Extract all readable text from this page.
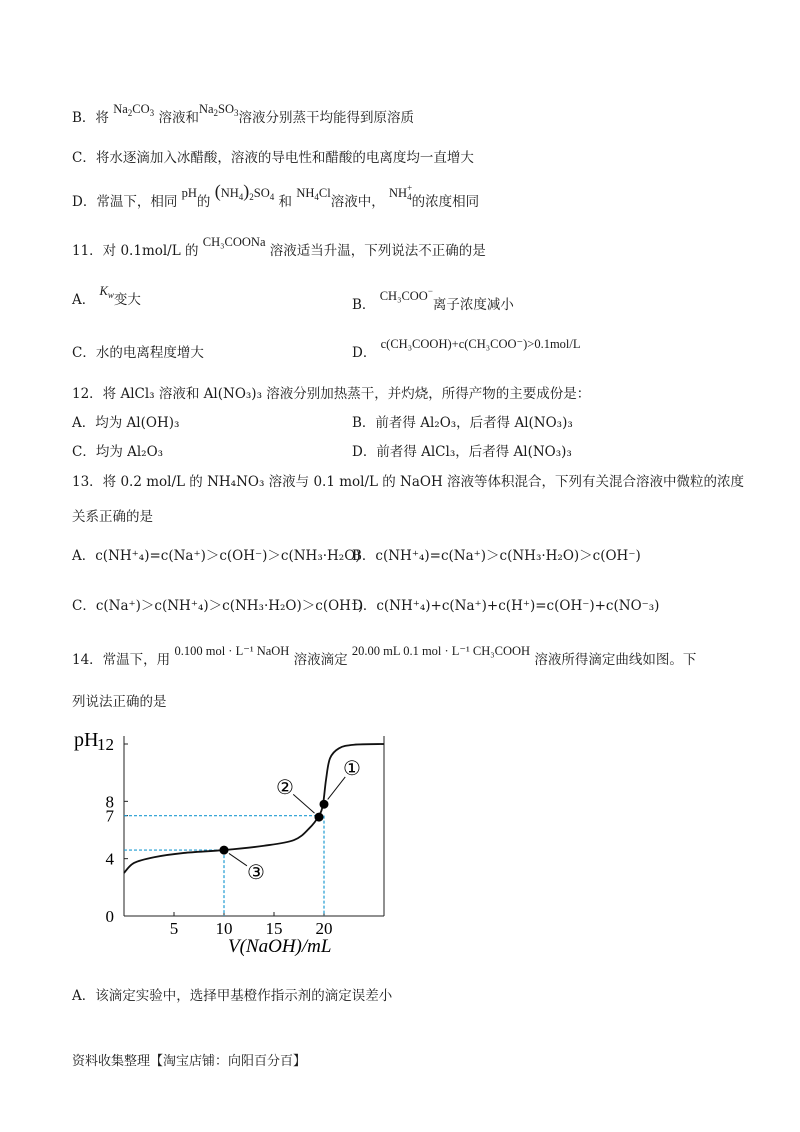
B．将 $Na_2CO_3$ 溶液和$Na_2SO_3$溶液分别蒸干均能得到原溶质
C．将水逐滴加入冰醋酸，溶液的导电性和醋酸的电离度均一直增大
D．常温下，相同 pH的 $(NH_4)_2SO_4$ 和 $NH_4Cl$溶液中， $NH^+_4$的浓度相同
11．对 0.1mol/L 的 CH₃COONa 溶液适当升温，下列说法不正确的是
A． $K_w$变大	B． CH₃COO−离子浓度减小
C．水的电离程度增大	D． c(CH₃COOH)+c(CH₃COO⁻)>0.1mol/L
12．将 AlCl₃ 溶液和 Al(NO₃)₃ 溶液分别加热蒸干，并灼烧，所得产物的主要成份是：
A．均为 Al(OH)₃	B．前者得 Al₂O₃，后者得 Al(NO₃)₃
C．均为 Al₂O₃	D．前者得 AlCl₃，后者得 Al(NO₃)₃
13．将 0.2 mol/L 的 NH₄NO₃ 溶液与 0.1 mol/L 的 NaOH 溶液等体积混合，下列有关混合溶液中微粒的浓度
关系正确的是
A．c(NH⁺₄)=c(Na⁺)＞c(OH⁻)＞c(NH₃·H₂O)
B．c(NH⁺₄)=c(Na⁺)＞c(NH₃·H₂O)＞c(OH⁻)
C．c(Na⁺)＞c(NH⁺₄)＞c(NH₃·H₂O)＞c(OH⁻)
D．c(NH⁺₄)+c(Na⁺)+c(H⁺)=c(OH⁻)+c(NO⁻₃)
14．常温下，用 0.100 mol · L⁻¹ NaOH 溶液滴定 20.00 mL 0.1 mol · L⁻¹ CH₃COOH 溶液所得滴定曲线如图。下
列说法正确的是
pH
V(NaOH)/mL
5 10 15 20
0
4
7
8
12
①
②
③
A．该滴定实验中，选择甲基橙作指示剂的滴定误差小
资料收集整理【淘宝店铺：向阳百分百】
